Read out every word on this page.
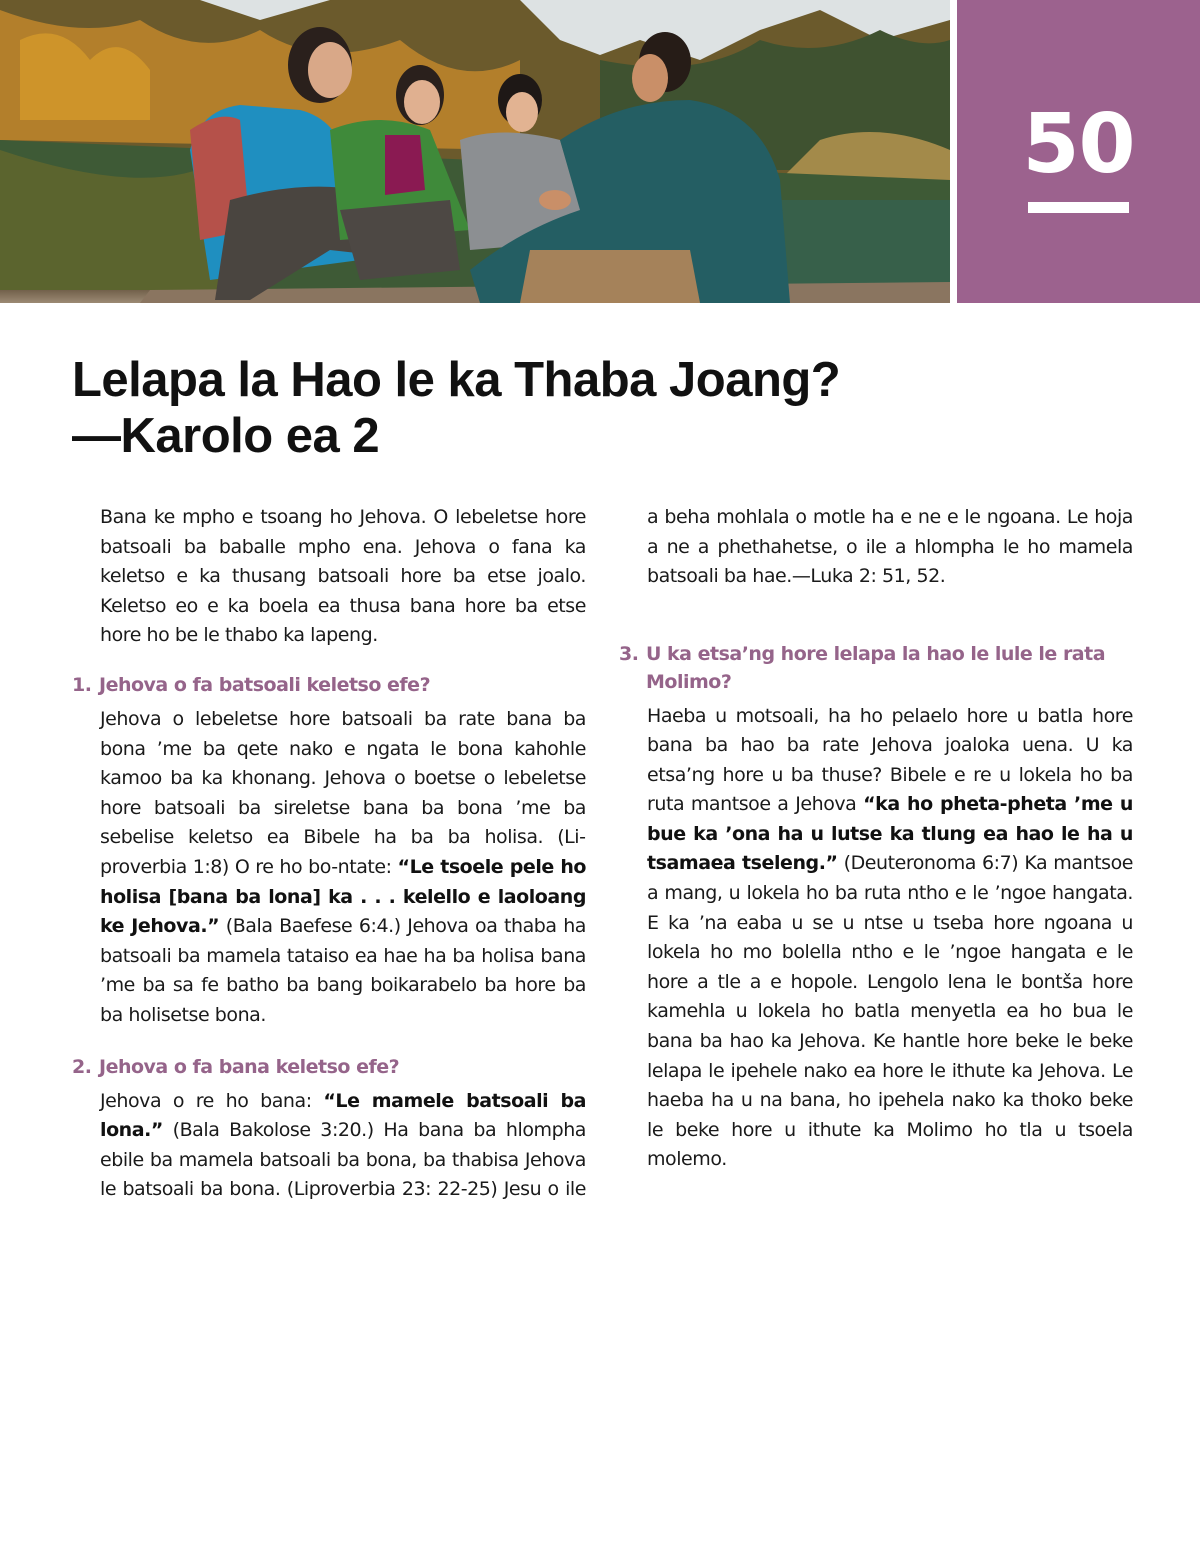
50
Lelapa la Hao le ka Thaba Joang?
—Karolo ea 2

Bana ke mpho e tsoang ho Jehova. O lebeletse hore batsoali ba baballe mpho ena. Jehova o fana ka keletso e ka thusang batsoali hore ba etse joalo. Keletso eo e ka boela ea thusa bana hore ba etse hore ho be le thabo ka lapeng.

1. Jehova o fa batsoali keletso efe?

Jehova o lebeletse hore batsoali ba rate bana ba bona ’me ba qete nako e ngata le bona kahohle kamoo ba ka khonang. Jehova o boetse o lebeletse hore batsoali ba sireletse bana ba bona ’me ba sebelise keletso ea Bibele ha ba ba holisa. (Liproverbia 1:8) O re ho bo-ntate: “Le tsoele pele ho holisa [bana ba lona] ka . . . kelello e laoloang ke Jehova.” (Bala Baefese 6:4.) Jehova oa thaba ha batsoali ba mamela tataiso ea hae ha ba holisa bana ’me ba sa fe batho ba bang boikarabelo ba hore ba ba holisetse bona.

2. Jehova o fa bana keletso efe?

Jehova o re ho bana: “Le mamele batsoali ba lona.” (Bala Bakolose 3:20.) Ha bana ba hlompha ebile ba mamela batsoali ba bona, ba thabisa Jehova le batsoali ba bona. (Liproverbia 23: 22-25) Jesu o ile

a beha mohlala o motle ha e ne e le ngoana. Le hoja a ne a phethahetse, o ile a hlompha le ho mamela batsoali ba hae.—Luka 2: 51, 52.

3. U ka etsa’ng hore lelapa la hao le lule le rata Molimo?

Haeba u motsoali, ha ho pelaelo hore u batla hore bana ba hao ba rate Jehova joaloka uena. U ka etsa’ng hore u ba thuse? Bibele e re u lokela ho ba ruta mantsoe a Jehova “ka ho pheta-pheta ’me u bue ka ’ona ha u lutse ka tlung ea hao le ha u tsamaea tseleng.” (Deuteronoma 6:7) Ka mantsoe a mang, u lokela ho ba ruta ntho e le ’ngoe hangata. E ka ’na eaba u se u ntse u tseba hore ngoana u lokela ho mo bolella ntho e le ’ngoe hangata e le hore a tle a e hopole. Lengolo lena le bontša hore kamehla u lokela ho batla menyetla ea ho bua le bana ba hao ka Jehova. Ke hantle hore beke le beke lelapa le ipehele nako ea hore le ithute ka Jehova. Le haeba ha u na bana, ho ipehela nako ka thoko beke le beke hore u ithute ka Molimo ho tla u tsoela molemo.
